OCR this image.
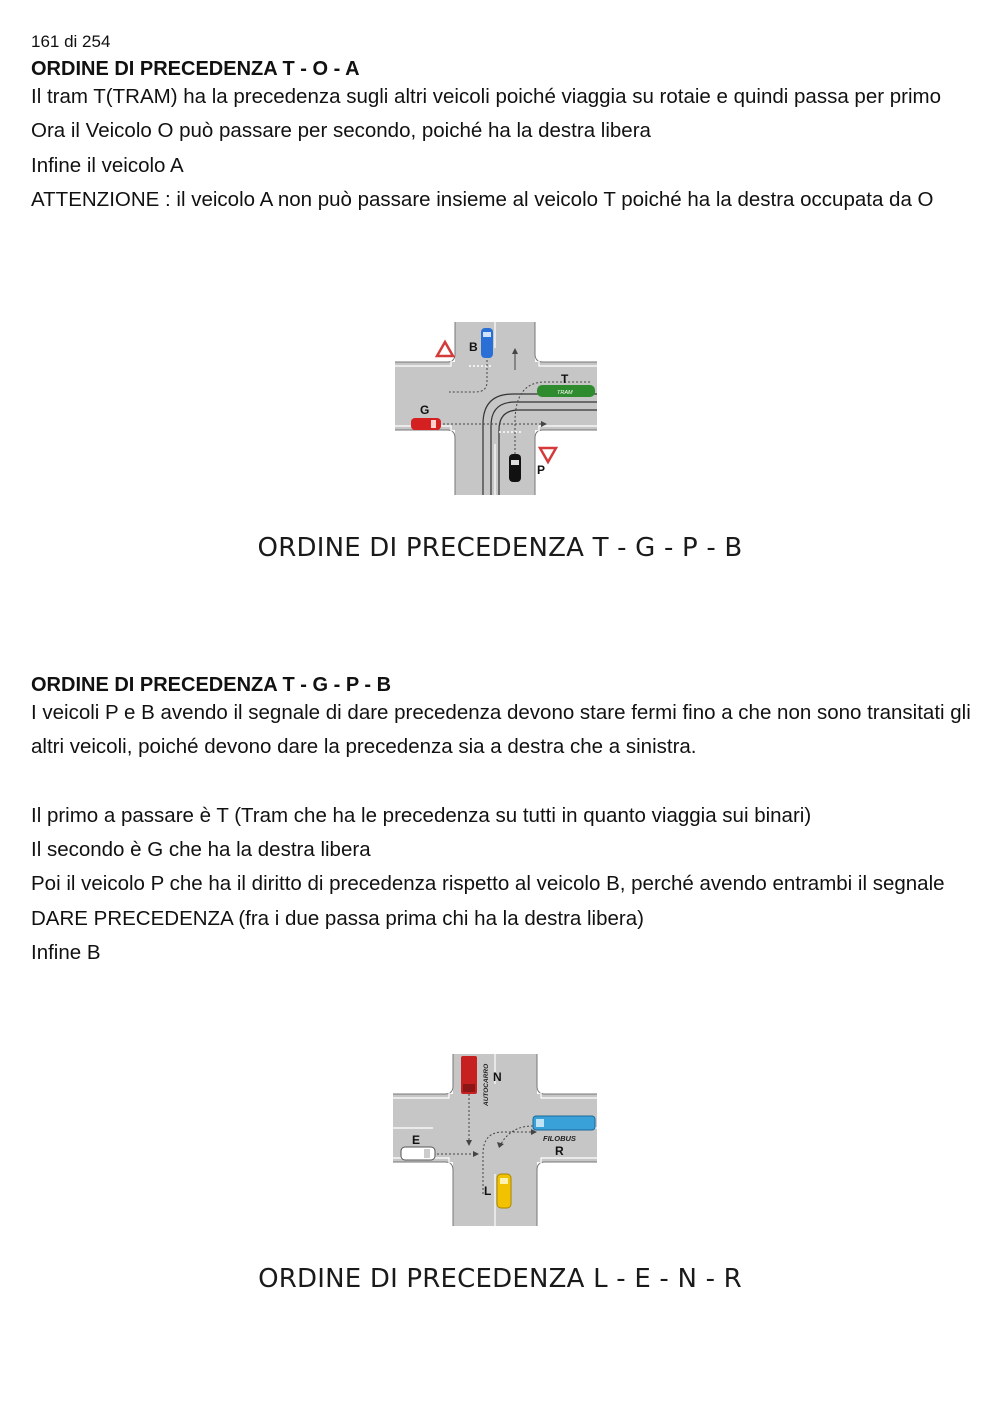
161 di 254
ORDINE DI PRECEDENZA T - O - A

Il tram T(TRAM) ha la precedenza sugli altri veicoli poiché viaggia su rotaie e quindi passa per primo

Ora il Veicolo O può passare per secondo, poiché ha la destra libera

Infine il veicolo A

ATTENZIONE : il veicolo A non può passare insieme al veicolo T poiché ha la destra occupata da O

TRAM
B
T
G
P
ORDINE DI PRECEDENZA T - G - P - B
ORDINE DI PRECEDENZA T - G - P - B

I veicoli P e B avendo il segnale di dare precedenza devono stare fermi fino a che non sono transitati gli altri veicoli, poiché devono dare la precedenza sia a destra che a sinistra.

Il primo a passare è T (Tram che ha le precedenza su tutti in quanto viaggia sui binari)

Il secondo è G che ha la destra libera

Poi il veicolo P che ha il diritto di precedenza rispetto al veicolo B, perché avendo entrambi il segnale DARE PRECEDENZA (fra i due passa prima chi ha la destra libera)

Infine B

AUTOCARRO N
FILOBUS
R
E
L
ORDINE DI PRECEDENZA L - E - N - R
